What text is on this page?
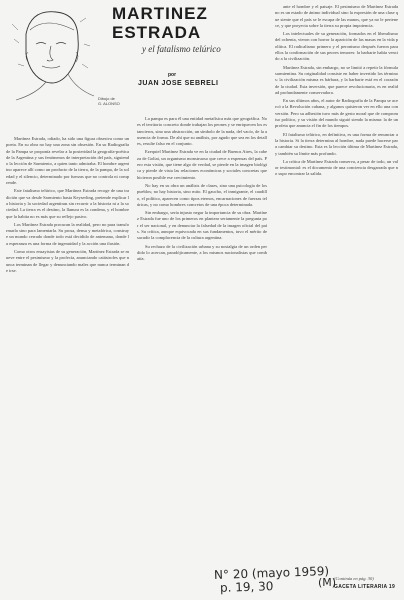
Dibujo de
G. ALONSO
MARTINEZ
ESTRADA
y el fatalismo telúrico
por
JUAN JOSE SEBRELI

Martínez Estrada, odiado, ha sido una figura obsesiva como un poeta. En su obra no hay una zona sin obsesión. En su Radiografía de la Pampa se proponía revelar a la posteridad la geografía-poética de la Argentina y sus fenómenos de interpretación del país, siguiendo la lección de Sarmiento, a quien tanto admiraba. El hombre argentino aparece allí como un producto de la tierra, de la pampa, de la soledad y el silencio, determinado por fuerzas que no controla ni comprende.

Este fatalismo telúrico, que Martínez Estrada recoge de una tradición que va desde Sarmiento hasta Keyserling, pretende explicar la historia y la sociedad argentinas sin recurrir a la historia ni a la sociedad. La tierra es el destino, la llanura es la condena, y el hombre que la habita no es más que su reflejo pasivo.

Los Martínez Estrada procuran la realidad, pero no para transformarla sino para lamentarla. Su prosa, densa y metafórica, construye un mundo cerrado donde todo está decidido de antemano, donde la esperanza es una forma de ingenuidad y la acción una ilusión.

Como otros ensayistas de su generación, Martínez Estrada se mueve entre el pesimismo y la profecía, anunciando catástrofes que nunca terminan de llegar y denunciando males que nunca terminan de irse.

La pampa es para él una entidad metafísica más que geográfica. No es el territorio concreto donde trabajan los peones y se enriquecen los estancieros, sino una abstracción, un símbolo de la nada, del vacío, de la ausencia de forma. De ahí que su análisis, por agudo que sea en los detalles, resulte falso en el conjunto.

Ezequiel Martínez Estrada ve en la ciudad de Buenos Aires, la cabeza de Goliat, un organismo monstruoso que crece a expensas del país. Pero esta visión, que tiene algo de verdad, se pierde en la imagen biológica y pierde de vista las relaciones económicas y sociales concretas que hicieron posible ese crecimiento.

No hay en su obra un análisis de clases, sino una psicología de los pueblos; no hay historia, sino mito. El gaucho, el inmigrante, el caudillo, el político, aparecen como tipos eternos, encarnaciones de fuerzas telúricas, y no como hombres concretos de una época determinada.

Sin embargo, sería injusto negar la importancia de su obra. Martínez Estrada fue uno de los primeros en plantear seriamente la pregunta por el ser nacional, y en denunciar la falsedad de la imagen oficial del país. Su crítica, aunque equivocada en sus fundamentos, tuvo el mérito de sacudir la complacencia de la cultura argentina.

Su rechazo de la civilización urbana y su nostalgia de un orden perdido lo acercan, paradójicamente, a los mismos nacionalistas que combatía.

ante el hombre y el paisaje. El pesimismo de Martínez Estrada no es un estado de ánimo individual sino la expresión de una clase que siente que el país se le escapa de las manos, que ya no le pertenece, y que proyecta sobre la tierra su propia impotencia.

Los intelectuales de su generación, formados en el liberalismo del ochenta, vieron con horror la aparición de las masas en la vida política. El radicalismo primero y el peronismo después fueron para ellos la confirmación de sus peores temores: la barbarie había vencido a la civilización.

Martínez Estrada, sin embargo, no se limitó a repetir la fórmula sarmientina. Su originalidad consiste en haber invertido los términos: la civilización misma es bárbara, y la barbarie está en el corazón de la ciudad. Esta inversión, que parece revolucionaria, es en realidad profundamente conservadora.

En sus últimos años, el autor de Radiografía de la Pampa se acercó a la Revolución cubana, y algunos quisieron ver en ello una conversión. Pero su adhesión tuvo más de gesto moral que de compromiso político, y su visión del mundo siguió siendo la misma: la de un profeta que anuncia el fin de los tiempos.

El fatalismo telúrico, en definitiva, es una forma de renunciar a la historia. Si la tierra determina al hombre, nada puede hacerse para cambiar su destino. Esta es la lección última de Martínez Estrada, y también su límite más profundo.

La crítica de Martínez Estrada conserva, a pesar de todo, un valor testimonial: es el documento de una conciencia desgarrada que no supo encontrar la salida.

(Continúa en pág. 30)
GACETA LITERARIA 19
N° 20 (mayo 1959)
p. 19, 30	(M)
